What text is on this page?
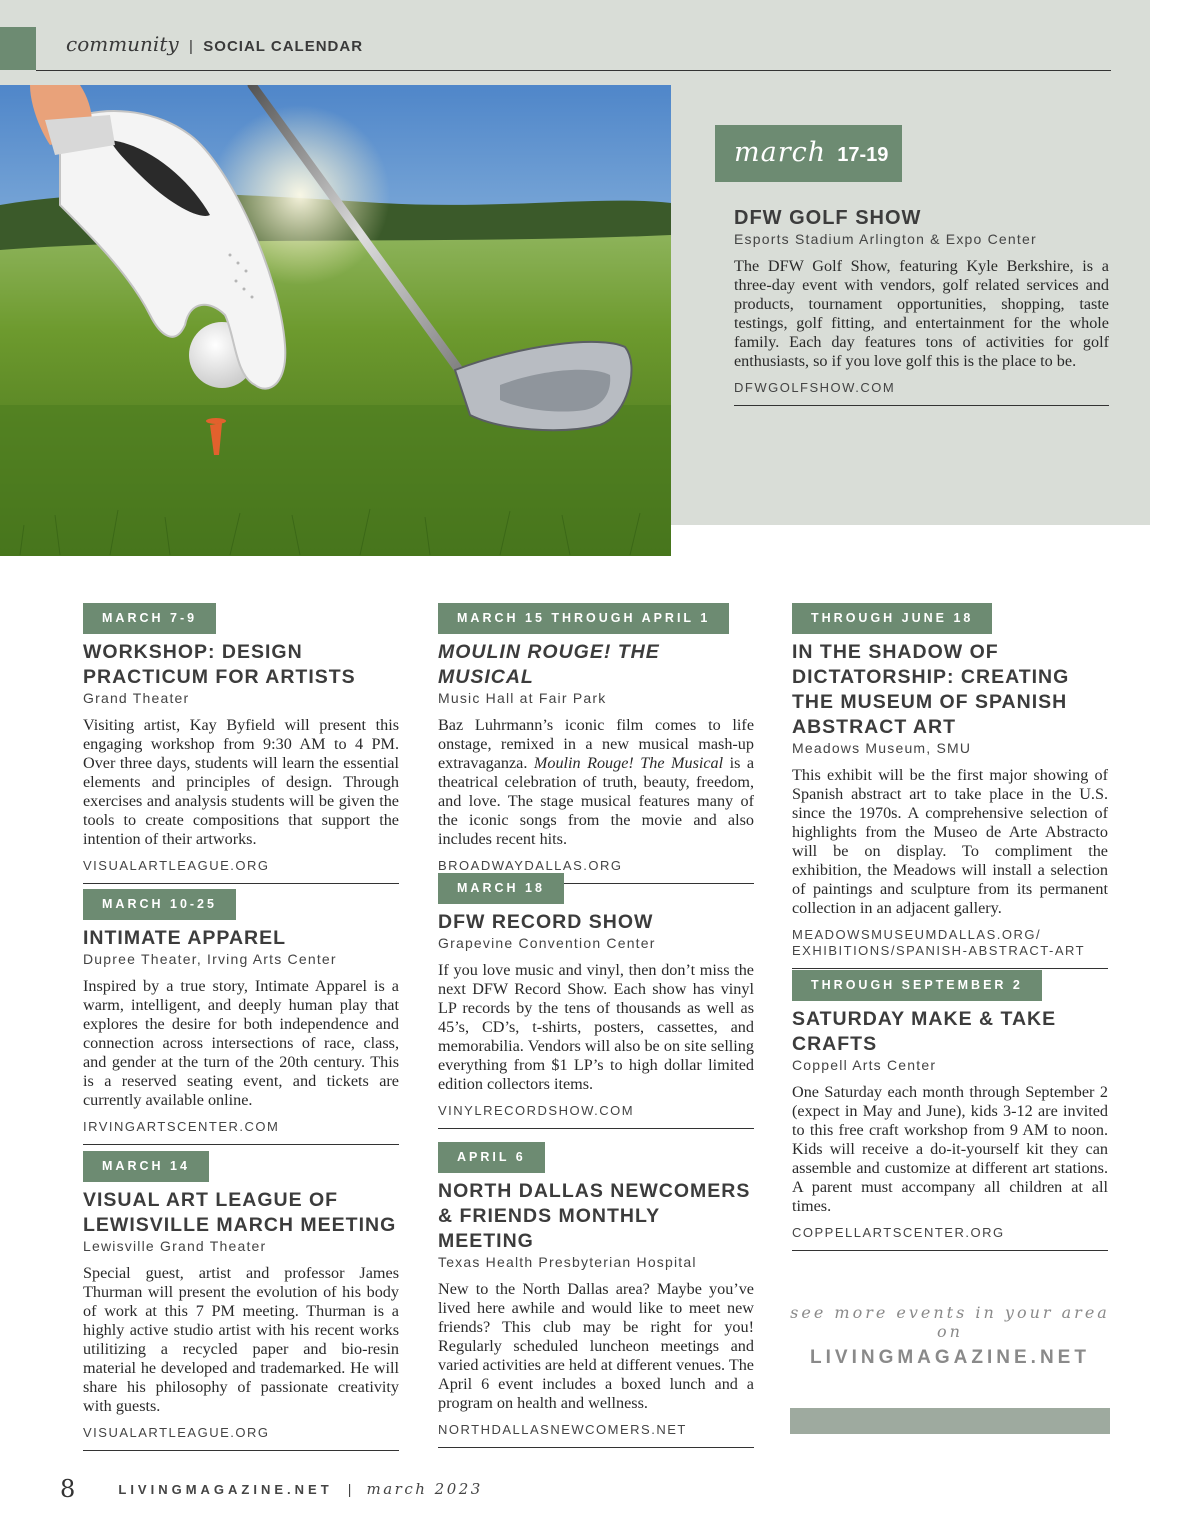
community | SOCIAL CALENDAR
march 17-19
DFW GOLF SHOW
Esports Stadium Arlington & Expo Center
The DFW Golf Show, featuring Kyle Berkshire, is a three-day event with vendors, golf related services and products, tournament opportunities, shopping, taste testings, golf fitting, and entertainment for the whole family. Each day features tons of activities for golf enthusiasts, so if you love golf this is the place to be.
DFWGOLFSHOW.COM
MARCH 7-9
WORKSHOP: DESIGN PRACTICUM FOR ARTISTS
Grand Theater
Visiting artist, Kay Byfield will present this engaging workshop from 9:30 AM to 4 PM. Over three days, students will learn the essential elements and principles of design. Through exercises and analysis students will be given the tools to create compositions that support the intention of their artworks.
VISUALARTLEAGUE.ORG
MARCH 10-25
INTIMATE APPAREL
Dupree Theater, Irving Arts Center
Inspired by a true story, Intimate Apparel is a warm, intelligent, and deeply human play that explores the desire for both independence and connection across intersections of race, class, and gender at the turn of the 20th century. This is a reserved seating event, and tickets are currently available online.
IRVINGARTSCENTER.COM
MARCH 14
VISUAL ART LEAGUE OF LEWISVILLE MARCH MEETING
Lewisville Grand Theater
Special guest, artist and professor James Thurman will present the evolution of his body of work at this 7 PM meeting. Thurman is a highly active studio artist with his recent works utilitizing a recycled paper and bio-resin material he developed and trademarked. He will share his philosophy of passionate creativity with guests.
VISUALARTLEAGUE.ORG
MARCH 15 THROUGH APRIL 1
MOULIN ROUGE! THE MUSICAL
Music Hall at Fair Park
Baz Luhrmann’s iconic film comes to life onstage, remixed in a new musical mash-up extravaganza. Moulin Rouge! The Musical is a theatrical celebration of truth, beauty, freedom, and love. The stage musical features many of the iconic songs from the movie and also includes recent hits.
BROADWAYDALLAS.ORG
MARCH 18
DFW RECORD SHOW
Grapevine Convention Center
If you love music and vinyl, then don’t miss the next DFW Record Show. Each show has vinyl LP records by the tens of thousands as well as 45’s, CD’s, t-shirts, posters, cassettes, and memorabilia. Vendors will also be on site selling everything from $1 LP’s to high dollar limited edition collectors items.
VINYLRECORDSHOW.COM
APRIL 6
NORTH DALLAS NEWCOMERS & FRIENDS MONTHLY MEETING
Texas Health Presbyterian Hospital
New to the North Dallas area? Maybe you’ve lived here awhile and would like to meet new friends? This club may be right for you! Regularly scheduled luncheon meetings and varied activities are held at different venues. The April 6 event includes a boxed lunch and a program on health and wellness.
NORTHDALLASNEWCOMERS.NET
THROUGH JUNE 18
IN THE SHADOW OF DICTATORSHIP: CREATING THE MUSEUM OF SPANISH ABSTRACT ART
Meadows Museum, SMU
This exhibit will be the first major showing of Spanish abstract art to take place in the U.S. since the 1970s. A comprehensive selection of highlights from the Museo de Arte Abstracto will be on display. To compliment the exhibition, the Meadows will install a selection of paintings and sculpture from its permanent collection in an adjacent gallery.
MEADOWSMUSEUMDALLAS.ORG/
EXHIBITIONS/SPANISH-ABSTRACT-ART
THROUGH SEPTEMBER 2
SATURDAY MAKE & TAKE CRAFTS
Coppell Arts Center
One Saturday each month through September 2 (expect in May and June), kids 3-12 are invited to this free craft workshop from 9 AM to noon. Kids will receive a do-it-yourself kit they can assemble and customize at different art stations. A parent must accompany all children at all times.
COPPELLARTSCENTER.ORG
see more events in your area on
LIVINGMAGAZINE.NET
8	LIVINGMAGAZINE.NET | march 2023
